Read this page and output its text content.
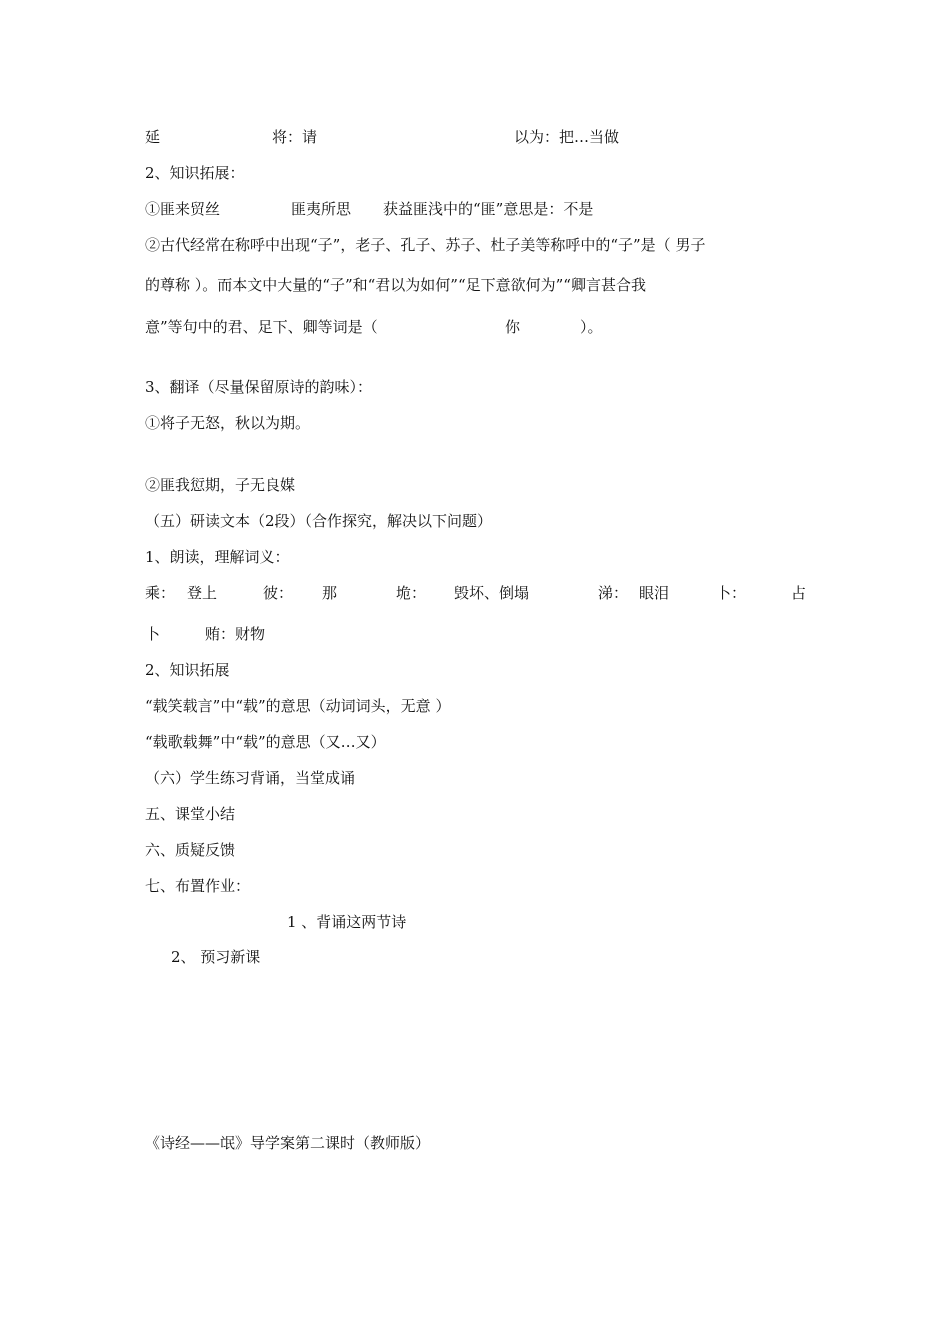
延	将：请	以为：把…当做
2、知识拓展：
①匪来贸丝	匪夷所思 获益匪浅中的“匪”意思是：不是
②古代经常在称呼中出现“子”，老子、孔子、苏子、杜子美等称呼中的“子”是（ 男子
的尊称 ）。而本文中大量的“子”和“君以为如何”“足下意欲何为”“卿言甚合我
意”等句中的君、足下、卿等词是（	你	）。
3、翻译（尽量保留原诗的韵味）：
①将子无怒，秋以为期。
②匪我愆期，子无良媒
（五）研读文本（2段）（合作探究，解决以下问题）
1、朗读，理解词义：
乘： 登上	彼： 那	垝： 毁坏、倒塌	涕： 眼泪	卜：	占
卜	贿：财物
2、知识拓展
“载笑载言”中“载”的意思（动词词头，无意 ）
“载歌载舞”中“载”的意思（又…又）
（六）学生练习背诵，当堂成诵
五、课堂小结
六、质疑反馈
七、布置作业：
1 、背诵这两节诗
2、 预习新课
《诗经——氓》导学案第二课时（教师版）
